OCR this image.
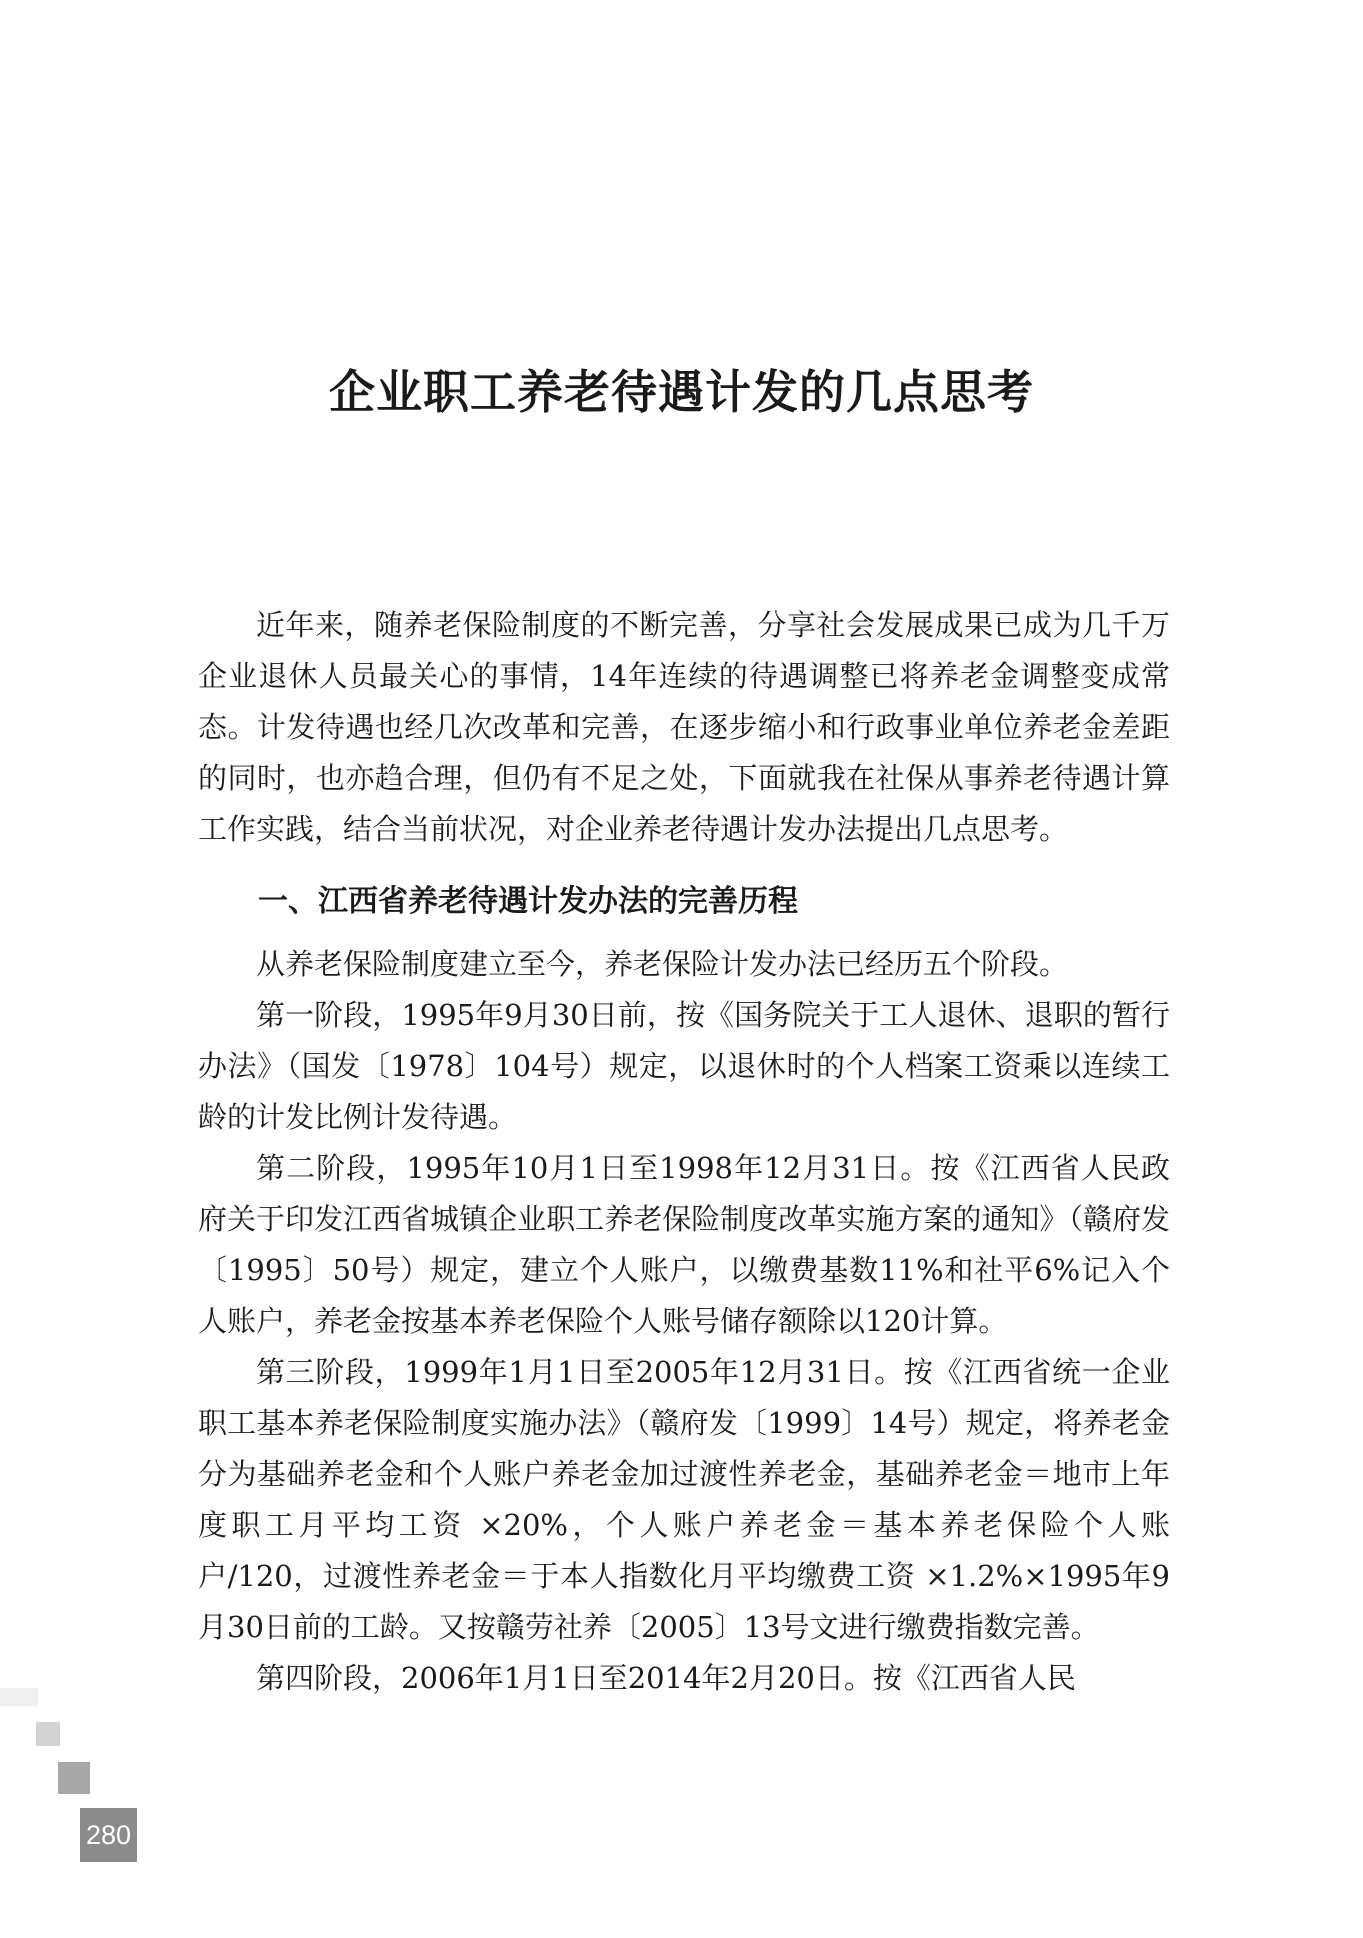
企业职工养老待遇计发的几点思考

近年来，随养老保险制度的不断完善，分享社会发展成果已成为几千万企业退休人员最关心的事情，14年连续的待遇调整已将养老金调整变成常态。计发待遇也经几次改革和完善，在逐步缩小和行政事业单位养老金差距的同时，也亦趋合理，但仍有不足之处，下面就我在社保从事养老待遇计算工作实践，结合当前状况，对企业养老待遇计发办法提出几点思考。

一、江西省养老待遇计发办法的完善历程

从养老保险制度建立至今，养老保险计发办法已经历五个阶段。

第一阶段，1995年9月30日前，按《国务院关于工人退休、退职的暂行办法》（国发〔1978〕104号）规定，以退休时的个人档案工资乘以连续工龄的计发比例计发待遇。

第二阶段，1995年10月1日至1998年12月31日。按《江西省人民政府关于印发江西省城镇企业职工养老保险制度改革实施方案的通知》（赣府发〔1995〕50号）规定，建立个人账户，以缴费基数11%和社平6%记入个人账户，养老金按基本养老保险个人账号储存额除以120计算。

第三阶段，1999年1月1日至2005年12月31日。按《江西省统一企业职工基本养老保险制度实施办法》（赣府发〔1999〕14号）规定，将养老金分为基础养老金和个人账户养老金加过渡性养老金，基础养老金＝地市上年度职工月平均工资 ×20%，个人账户养老金＝基本养老保险个人账户/120，过渡性养老金＝于本人指数化月平均缴费工资 ×1.2%×1995年9月30日前的工龄。又按赣劳社养〔2005〕13号文进行缴费指数完善。

第四阶段，2006年1月1日至2014年2月20日。按《江西省人民

280
